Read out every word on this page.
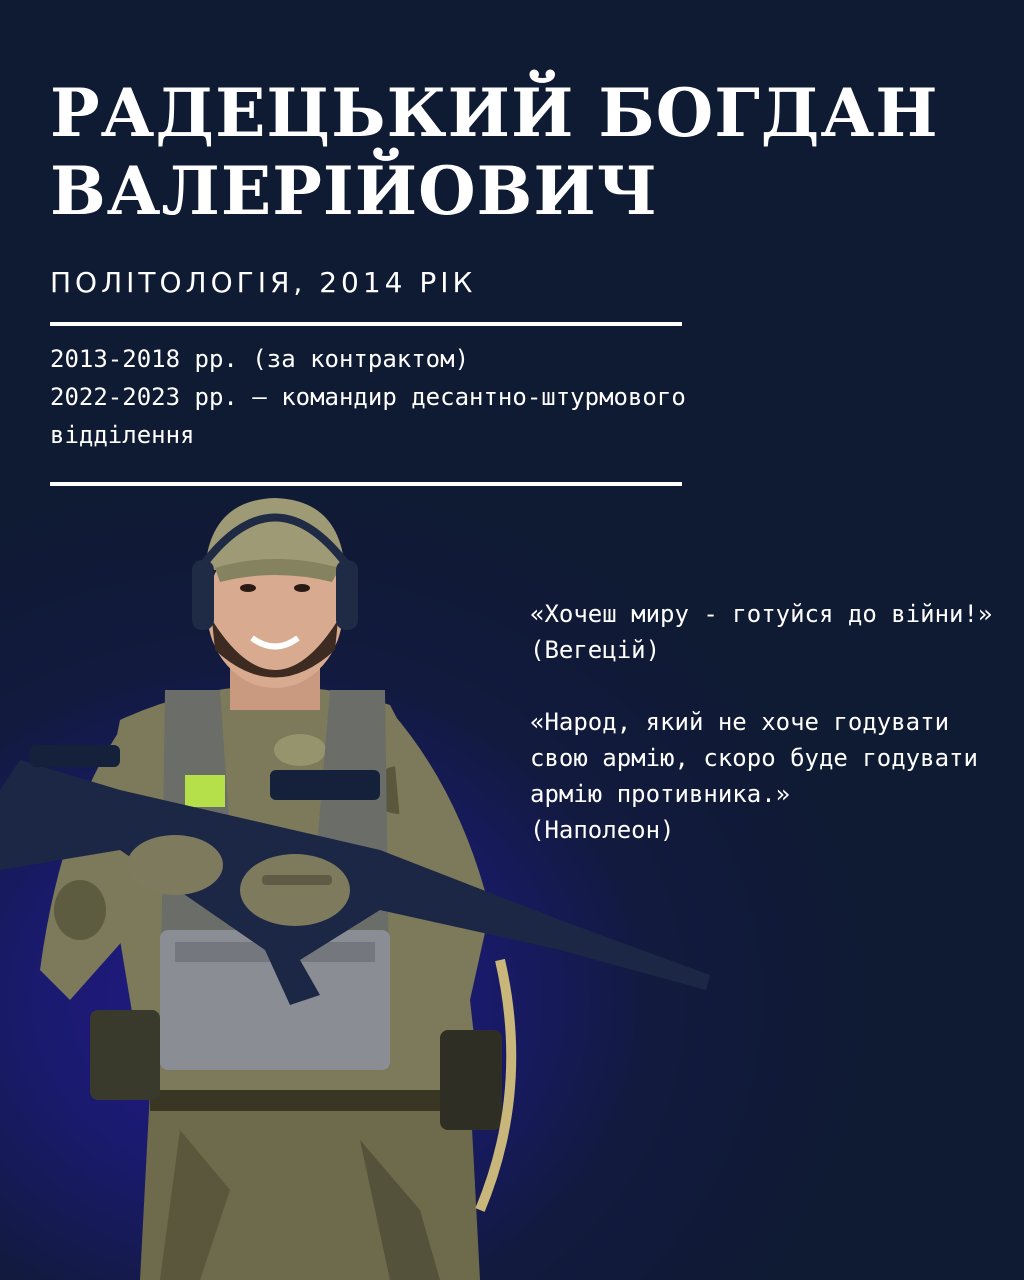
РАДЕЦЬКИЙ БОГДАН
ВАЛЕРІЙОВИЧ
ПОЛІТОЛОГІЯ, 2014 РІК
2013-2018 рр. (за контрактом)
2022-2023 рр. – командир десантно-штурмового
відділення
«Хочеш миру - готуйся до війни!»
(Вегецій)
«Народ, який не хоче годувати
свою армію, скоро буде годувати
армію противника.»
(Наполеон)
